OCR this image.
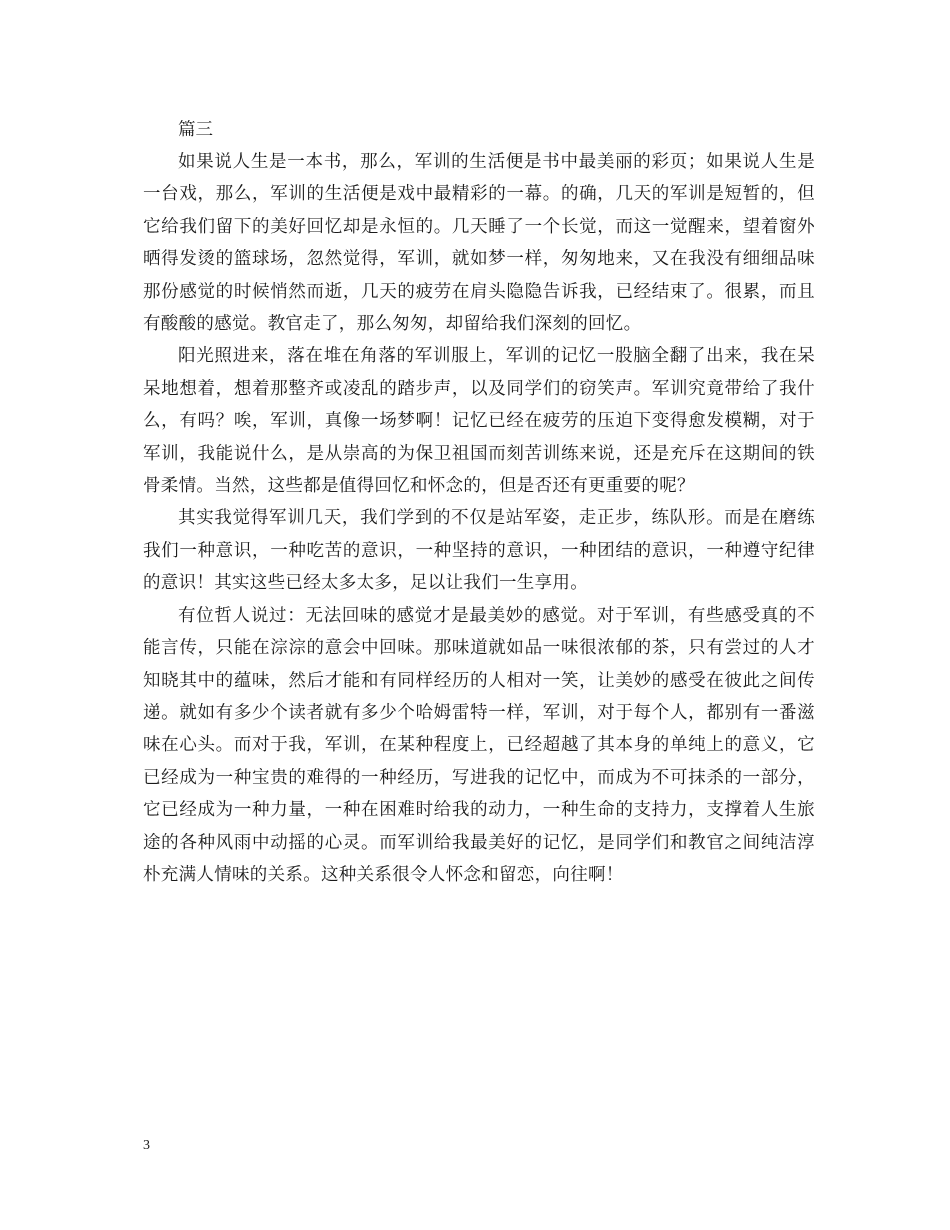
篇三

如果说人生是一本书，那么，军训的生活便是书中最美丽的彩页；如果说人生是一台戏，那么，军训的生活便是戏中最精彩的一幕。的确，几天的军训是短暂的，但它给我们留下的美好回忆却是永恒的。几天睡了一个长觉，而这一觉醒来，望着窗外晒得发烫的篮球场，忽然觉得，军训，就如梦一样，匆匆地来，又在我没有细细品味那份感觉的时候悄然而逝，几天的疲劳在肩头隐隐告诉我，已经结束了。很累，而且有酸酸的感觉。教官走了，那么匆匆，却留给我们深刻的回忆。

阳光照进来，落在堆在角落的军训服上，军训的记忆一股脑全翻了出来，我在呆呆地想着，想着那整齐或凌乱的踏步声，以及同学们的窃笑声。军训究竟带给了我什么，有吗？唉，军训，真像一场梦啊！记忆已经在疲劳的压迫下变得愈发模糊，对于军训，我能说什么，是从崇高的为保卫祖国而刻苦训练来说，还是充斥在这期间的铁骨柔情。当然，这些都是值得回忆和怀念的，但是否还有更重要的呢？

其实我觉得军训几天，我们学到的不仅是站军姿，走正步，练队形。而是在磨练我们一种意识，一种吃苦的意识，一种坚持的意识，一种团结的意识，一种遵守纪律的意识！其实这些已经太多太多，足以让我们一生享用。

有位哲人说过：无法回味的感觉才是最美妙的感觉。对于军训，有些感受真的不能言传，只能在淙淙的意会中回味。那味道就如品一味很浓郁的茶，只有尝过的人才知晓其中的蕴味，然后才能和有同样经历的人相对一笑，让美妙的感受在彼此之间传递。就如有多少个读者就有多少个哈姆雷特一样，军训，对于每个人，都别有一番滋味在心头。而对于我，军训，在某种程度上，已经超越了其本身的单纯上的意义，它已经成为一种宝贵的难得的一种经历，写进我的记忆中，而成为不可抹杀的一部分，它已经成为一种力量，一种在困难时给我的动力，一种生命的支持力，支撑着人生旅途的各种风雨中动摇的心灵。而军训给我最美好的记忆，是同学们和教官之间纯洁淳朴充满人情味的关系。这种关系很令人怀念和留恋，向往啊！

3
